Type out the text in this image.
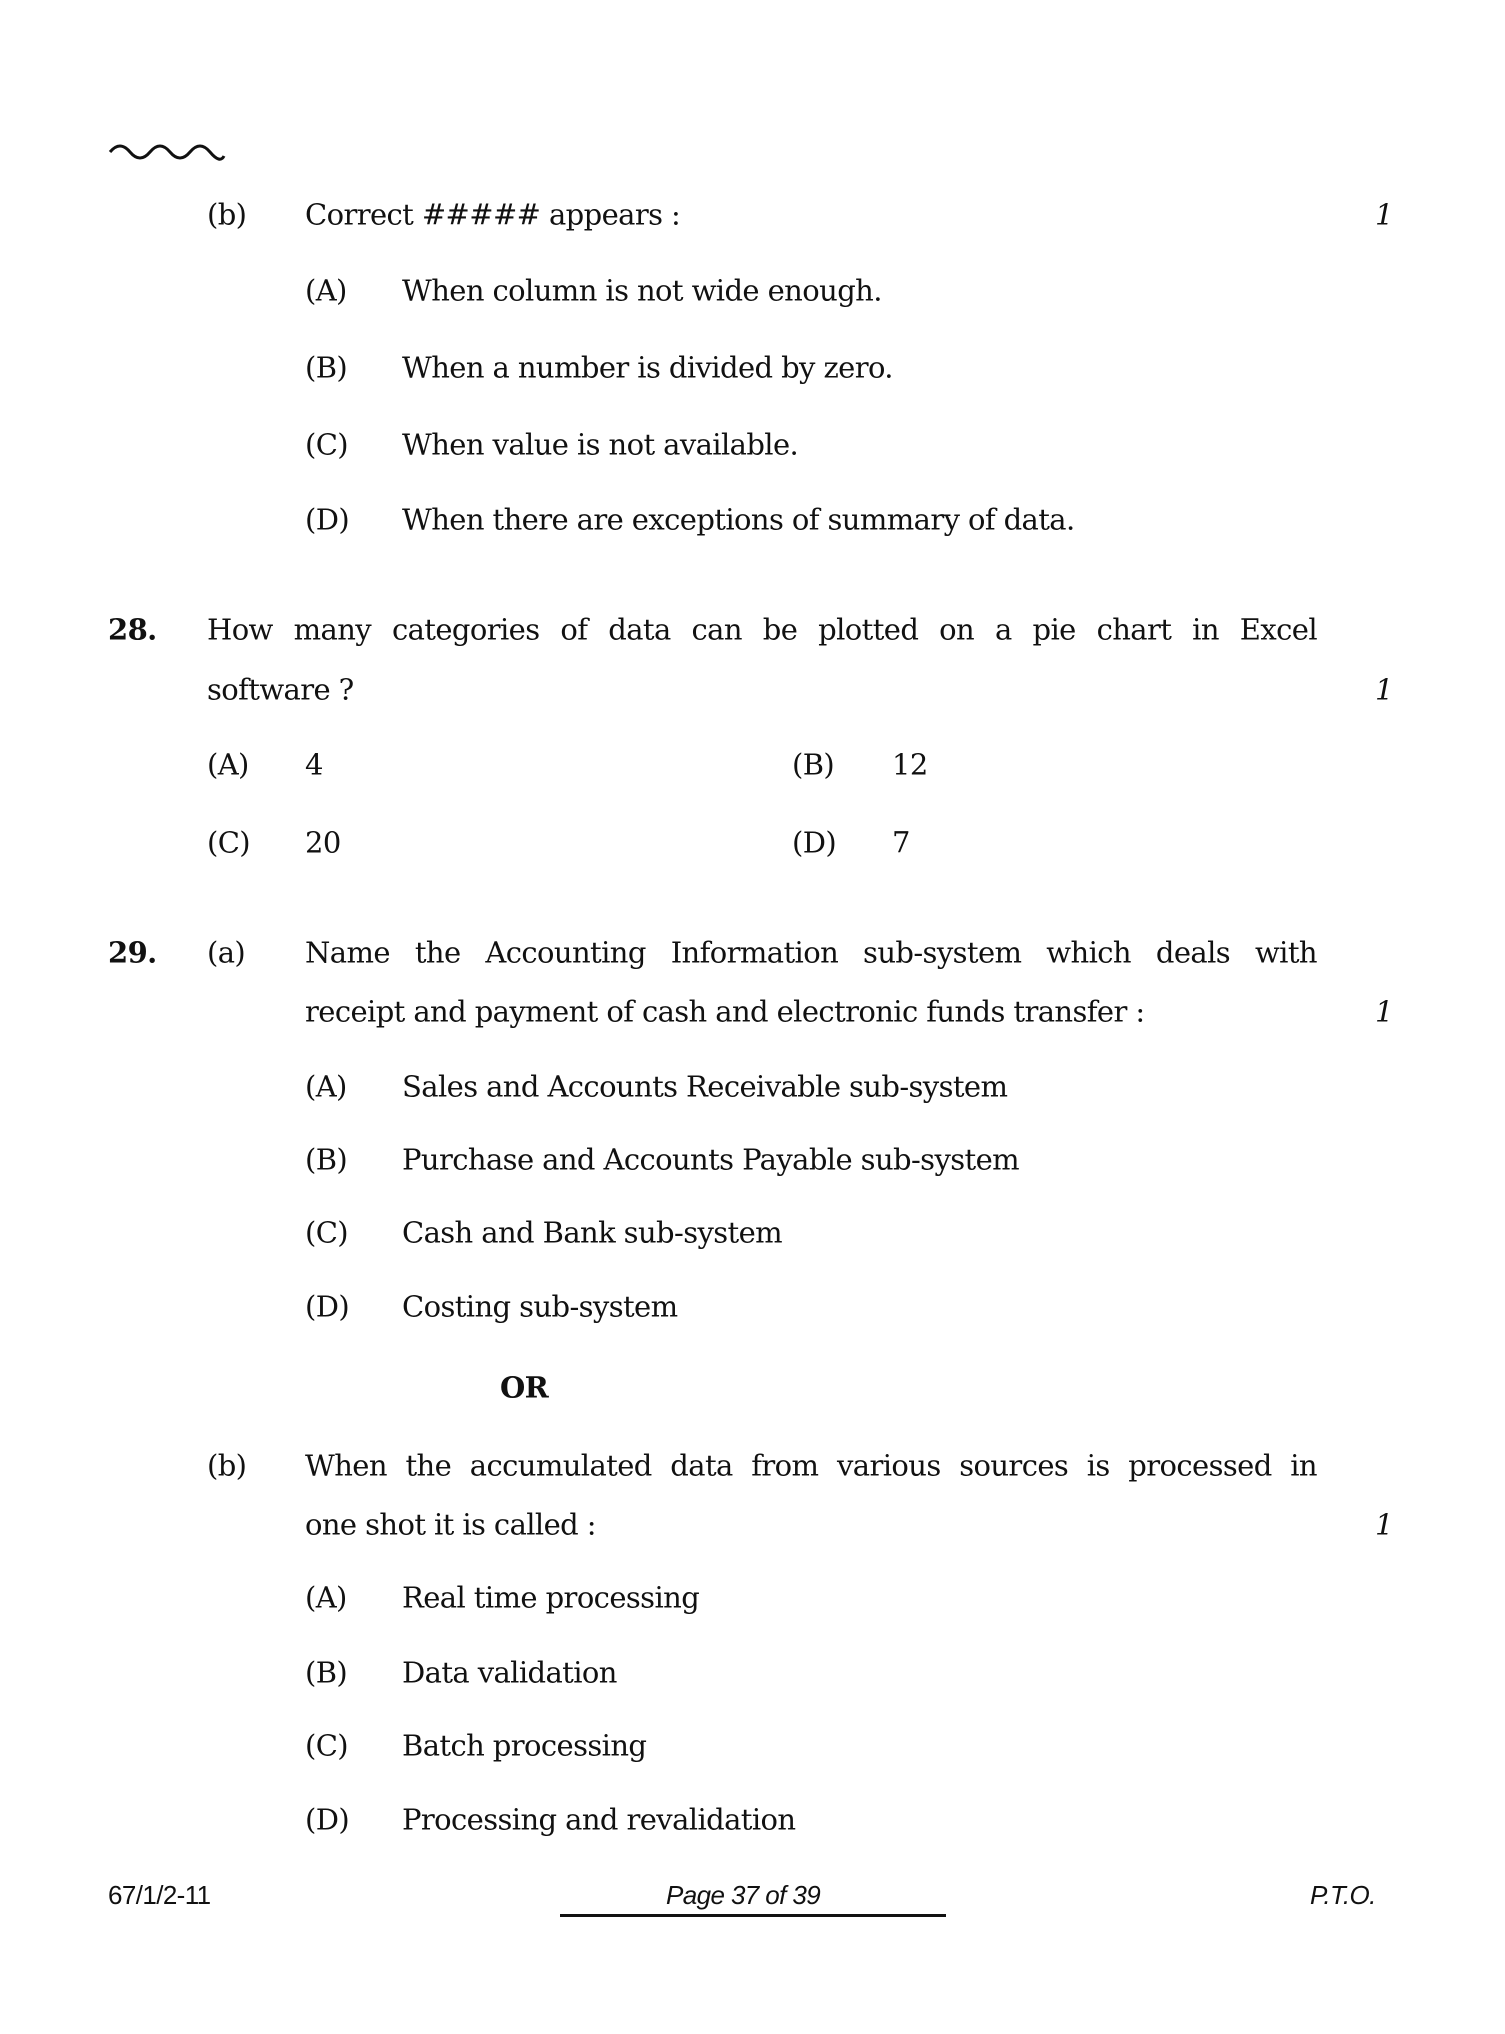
(b) Correct ##### appears :	1
(A) When column is not wide enough.
(B) When a number is divided by zero.
(C) When value is not available.
(D) When there are exceptions of summary of data.
28. How many categories of data can be plotted on a pie chart in Excel
software ?	1
(A) 4	(B) 12
(C) 20	(D) 7
29. (a) Name the Accounting Information sub-system which deals with
receipt and payment of cash and electronic funds transfer :	1
(A) Sales and Accounts Receivable sub-system
(B) Purchase and Accounts Payable sub-system
(C) Cash and Bank sub-system
(D) Costing sub-system
OR
(b) When the accumulated data from various sources is processed in
one shot it is called :	1
(A) Real time processing
(B) Data validation
(C) Batch processing
(D) Processing and revalidation
67/1/2-11	Page 37 of 39	P.T.O.
